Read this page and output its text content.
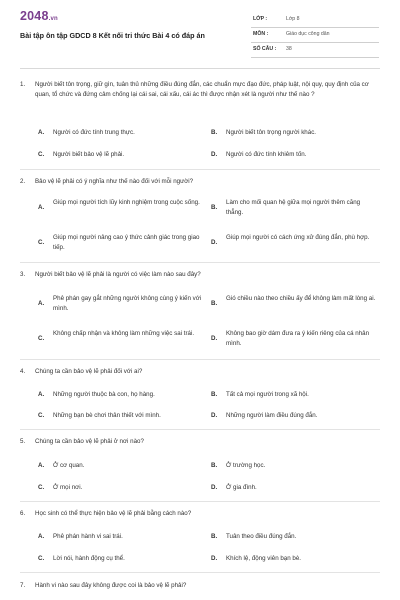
2048.vn
Bài tập ôn tập GDCD 8 Kết nối tri thức Bài 4 có đáp án
LỚP :	Lớp 8
MÔN :	Giáo dục công dân
SỐ CÂU : 38
1. Người biết tôn trọng, giữ gìn, tuân thủ những điều đúng đắn, các chuẩn mực đạo đức, pháp luật, nội quy, quy định của cơ quan, tổ chức và đứng cảm chống lại cái sai, cái xấu, cái ác thì được nhận xét là người như thế nào ?
A. Người có đức tính trung thực.	B. Người biết tôn trọng người khác.
C. Người biết bảo vệ lẽ phải.	D. Người có đức tính khiêm tốn.
2. Bảo vệ lẽ phải có ý nghĩa như thế nào đối với mỗi người?
A.
Giúp mọi người tích lũy kinh nghiệm trong cuộc sống.
B.
Làm cho mối quan hệ giữa mọi người thêm căng thẳng.
C.
Giúp mọi người nâng cao ý thức cảnh giác trong giao tiếp.
D.
Giúp mọi người có cách ứng xử đúng đắn, phù hợp.
3. Người biết bảo vệ lẽ phải là người có việc làm nào sau đây?
A.
Phê phán gay gắt những người không cùng ý kiến với mình.
B.
Gió chiều nào theo chiều ấy để không làm mất lòng ai.
C.
Không chấp nhận và không làm những việc sai trái.
D.
Không bao giờ dám đưa ra ý kiến riêng của cá nhân mình.
4. Chúng ta cần bảo vệ lẽ phải đối với ai?
A. Những người thuộc bà con, họ hàng.	B. Tất cả mọi người trong xã hội.
C. Những bạn bè chơi thân thiết với mình.	D. Những người làm điều đúng đắn.
5. Chúng ta cần bảo vệ lẽ phải ở nơi nào?
A. Ở cơ quan.	B. Ở trường học.
C. Ở mọi nơi.	D. Ở gia đình.
6. Học sinh có thể thực hiện bảo vệ lẽ phải bằng cách nào?
A. Phê phán hành vi sai trái.	B. Tuân theo điều đúng đắn.
C. Lời nói, hành động cụ thể.	D. Khích lệ, động viên bạn bè.
7. Hành vi nào sau đây không được coi là bảo vệ lẽ phải?
